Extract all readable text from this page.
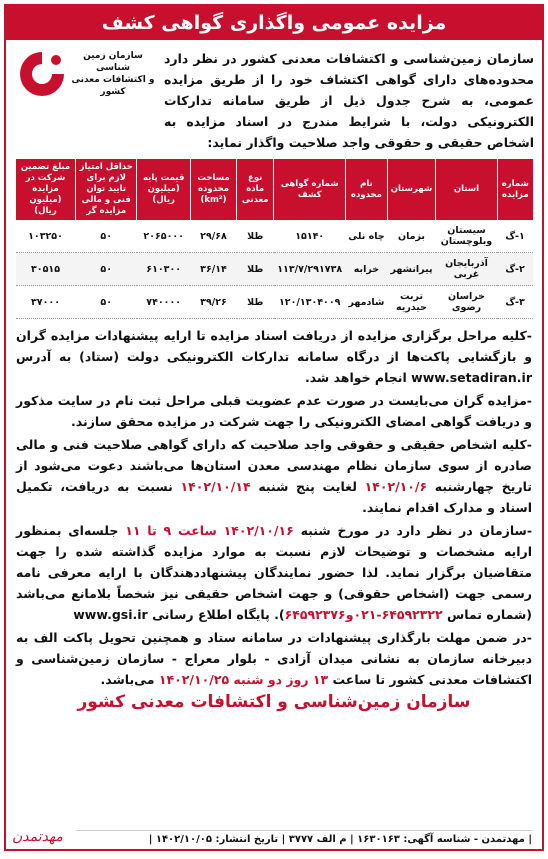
مزایده عمومی واگذاری گواهی کشف
سازمان زمین‌شناسی و اکتشافات معدنی کشور در نظر دارد محدوده‌های دارای گواهی اکتشاف خود را از طریق مزایده عمومی، به شرح جدول ذیل از طریق سامانه تدارکات الکترونیکی دولت، با شرایط مندرج در اسناد مزایده به اشخاص حقیقی و حقوقی واجد صلاحیت واگذار نماید:
سازمان زمین شناسی
و اکتشافات معدنی کشور
شماره مزایده	استان	شهرستان	نام محدوده	شماره گواهی کشف	نوع ماده معدنی	مساحت محدوده (km²)	قیمت پایه (میلیون ریال)	حداقل امتیاز لازم برای تایید توان فنی و مالی مزایده گر	مبلغ تضمین شرکت در مزایده (میلیون ریال)
۱-گ	سیستان وبلوچستان	بزمان	چاه نلی	۱۵۱۴۰	طلا	۲۹/۶۸	۲۰۶۵۰۰۰	۵۰	۱۰۳۲۵۰
۲-گ	آذربایجان غربی	پیرانشهر	خرابه	۱۱۳/۷/۲۹۱۷۳۸	طلا	۳۶/۱۴	۶۱۰۳۰۰	۵۰	۳۰۵۱۵
۳-گ	خراسان رضوی	تربت حیدریه	شادمهر	۱۲۰/۱۳۰۴۰۰۹	طلا	۳۹/۲۶	۷۴۰۰۰۰	۵۰	۳۷۰۰۰

-کلیه مراحل برگزاری مزایده از دریافت اسناد مزایده تا ارایه پیشنهادات مزایده گران و بازگشایی پاکت‌ها از درگاه سامانه تدارکات الکترونیکی دولت (ستاد) به آدرس www.setadiran.ir انجام خواهد شد.

-مزایده گران می‌بایست در صورت عدم عضویت قبلی مراحل ثبت نام در سایت مذکور و دریافت گواهی امضای الکترونیکی را جهت شرکت در مزایده محقق سازند.

-کلیه اشخاص حقیقی و حقوقی واجد صلاحیت که دارای گواهی صلاحیت فنی و مالی صادره از سوی سازمان نظام مهندسی معدن استان‌ها می‌باشند دعوت می‌شود از تاریخ چهارشنبه ۱۴۰۲/۱۰/۶ لغایت پنج شنبه ۱۴۰۲/۱۰/۱۴ نسبت به دریافت، تکمیل اسناد و مدارک اقدام نمایند.

-سازمان در نظر دارد در مورخ شنبه ۱۴۰۲/۱۰/۱۶ ساعت ۹ تا ۱۱ جلسه‌ای بمنظور ارایه مشخصات و توضیحات لازم نسبت به موارد مزایده گذاشته شده را جهت متقاضیان برگزار نماید. لذا حضور نمایندگان پیشنهاددهندگان با ارایه معرفی نامه رسمی جهت (اشخاص حقوقی) و جهت اشخاص حقیقی نیز شخصاً بلامانع می‌باشد (شماره تماس ۶۴۵۹۲۳۲۲-۰۲۱و۶۴۵۹۲۳۷۶). پایگاه اطلاع رسانی www.gsi.ir

-در ضمن مهلت بارگذاری پیشنهادات در سامانه ستاد و همچنین تحویل پاکت الف به دبیرخانه سازمان به نشانی میدان آزادی - بلوار معراج - سازمان زمین‌شناسی و اکتشافات معدنی کشور تا ساعت ۱۳ روز دو شنبه ۱۴۰۲/۱۰/۲۵ می‌باشد.

سازمان زمین‌شناسی و اکتشافات معدنی کشور
| مهدتمدن - شناسه آگهی: ۱۶۳۰۱۶۳ | م الف ۳۷۷۷ | تاریخ انتشار: ۱۴۰۲/۱۰/۰۵ |
مهدتمدن
